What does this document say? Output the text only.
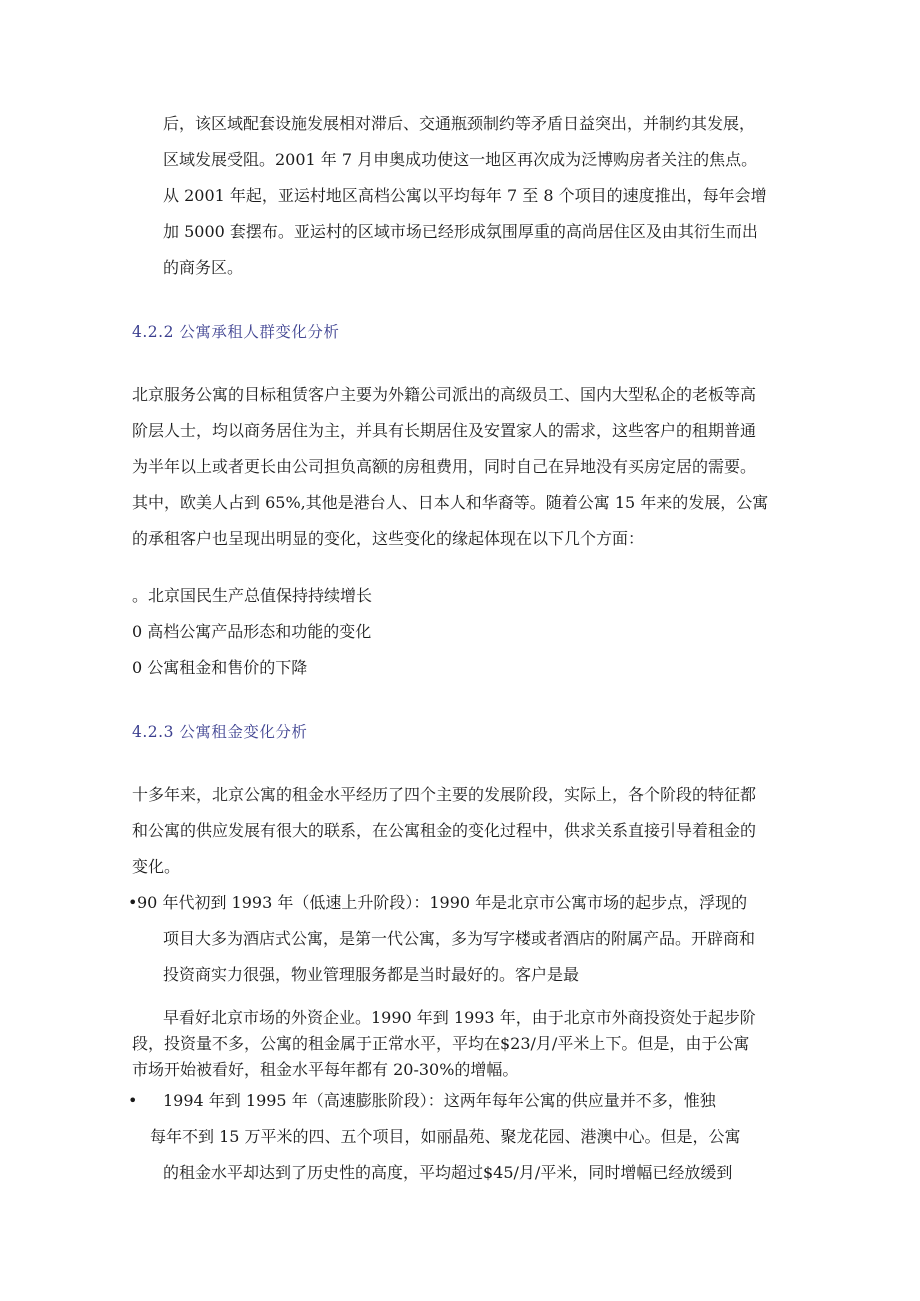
后，该区域配套设施发展相对滞后、交通瓶颈制约等矛盾日益突出，并制约其发展，
区域发展受阻。2001 年 7 月申奥成功使这一地区再次成为泛博购房者关注的焦点。
从 2001 年起，亚运村地区高档公寓以平均每年 7 至 8 个项目的速度推出，每年会增
加 5000 套摆布。亚运村的区域市场已经形成氛围厚重的高尚居住区及由其衍生而出
的商务区。
4.2.2 公寓承租人群变化分析
北京服务公寓的目标租赁客户主要为外籍公司派出的高级员工、国内大型私企的老板等高
阶层人士，均以商务居住为主，并具有长期居住及安置家人的需求，这些客户的租期普通
为半年以上或者更长由公司担负高额的房租费用，同时自己在异地没有买房定居的需要。
其中，欧美人占到 65%,其他是港台人、日本人和华裔等。随着公寓 15 年来的发展，公寓
的承租客户也呈现出明显的变化，这些变化的缘起体现在以下几个方面：
。北京国民生产总值保持持续增长
0 高档公寓产品形态和功能的变化
0 公寓租金和售价的下降
4.2.3 公寓租金变化分析
十多年来，北京公寓的租金水平经历了四个主要的发展阶段，实际上，各个阶段的特征都
和公寓的供应发展有很大的联系，在公寓租金的变化过程中，供求关系直接引导着租金的
变化。
• 90 年代初到 1993 年（低速上升阶段）：1990 年是北京市公寓市场的起步点，浮现的
项目大多为酒店式公寓，是第一代公寓，多为写字楼或者酒店的附属产品。开辟商和
投资商实力很强，物业管理服务都是当时最好的。客户是最
早看好北京市场的外资企业。1990 年到 1993 年，由于北京市外商投资处于起步阶
段，投资量不多，公寓的租金属于正常水平，平均在$23/月/平米上下。但是，由于公寓
市场开始被看好，租金水平每年都有 20-30%的增幅。
• 1994 年到 1995 年（高速膨胀阶段）：这两年每年公寓的供应量并不多，惟独
每年不到 15 万平米的四、五个项目，如丽晶苑、聚龙花园、港澳中心。但是，公寓
的租金水平却达到了历史性的高度，平均超过$45/月/平米，同时增幅已经放缓到
